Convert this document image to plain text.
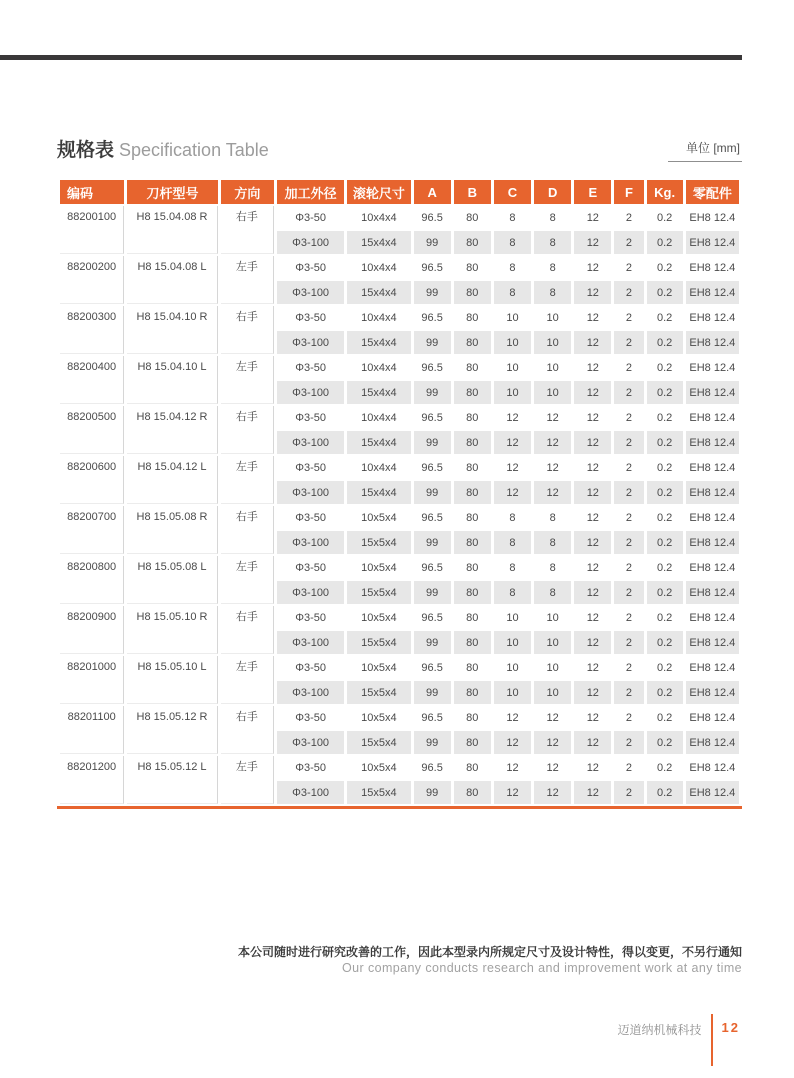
规格表 Specification Table	单位 [mm]
编码	刀杆型号	方向	加工外径	滚轮尺寸	A	B	C	D	E	F	Kg.	零配件
88200100	H8 15.04.08 R	右手	Φ3-50	10x4x4	96.5	80	8	8	12	2	0.2	EH8 12.4
			Φ3-100	15x4x4	99	80	8	8	12	2	0.2	EH8 12.4
88200200	H8 15.04.08 L	左手	Φ3-50	10x4x4	96.5	80	8	8	12	2	0.2	EH8 12.4
			Φ3-100	15x4x4	99	80	8	8	12	2	0.2	EH8 12.4
88200300	H8 15.04.10 R	右手	Φ3-50	10x4x4	96.5	80	10	10	12	2	0.2	EH8 12.4
			Φ3-100	15x4x4	99	80	10	10	12	2	0.2	EH8 12.4
88200400	H8 15.04.10 L	左手	Φ3-50	10x4x4	96.5	80	10	10	12	2	0.2	EH8 12.4
			Φ3-100	15x4x4	99	80	10	10	12	2	0.2	EH8 12.4
88200500	H8 15.04.12 R	右手	Φ3-50	10x4x4	96.5	80	12	12	12	2	0.2	EH8 12.4
			Φ3-100	15x4x4	99	80	12	12	12	2	0.2	EH8 12.4
88200600	H8 15.04.12 L	左手	Φ3-50	10x4x4	96.5	80	12	12	12	2	0.2	EH8 12.4
			Φ3-100	15x4x4	99	80	12	12	12	2	0.2	EH8 12.4
88200700	H8 15.05.08 R	右手	Φ3-50	10x5x4	96.5	80	8	8	12	2	0.2	EH8 12.4
			Φ3-100	15x5x4	99	80	8	8	12	2	0.2	EH8 12.4
88200800	H8 15.05.08 L	左手	Φ3-50	10x5x4	96.5	80	8	8	12	2	0.2	EH8 12.4
			Φ3-100	15x5x4	99	80	8	8	12	2	0.2	EH8 12.4
88200900	H8 15.05.10 R	右手	Φ3-50	10x5x4	96.5	80	10	10	12	2	0.2	EH8 12.4
			Φ3-100	15x5x4	99	80	10	10	12	2	0.2	EH8 12.4
88201000	H8 15.05.10 L	左手	Φ3-50	10x5x4	96.5	80	10	10	12	2	0.2	EH8 12.4
			Φ3-100	15x5x4	99	80	10	10	12	2	0.2	EH8 12.4
88201100	H8 15.05.12 R	右手	Φ3-50	10x5x4	96.5	80	12	12	12	2	0.2	EH8 12.4
			Φ3-100	15x5x4	99	80	12	12	12	2	0.2	EH8 12.4
88201200	H8 15.05.12 L	左手	Φ3-50	10x5x4	96.5	80	12	12	12	2	0.2	EH8 12.4
			Φ3-100	15x5x4	99	80	12	12	12	2	0.2	EH8 12.4
本公司随时进行研究改善的工作，因此本型录内所规定尺寸及设计特性，得以变更，不另行通知
Our company conducts research and improvement work at any time
迈道纳机械科技 12
